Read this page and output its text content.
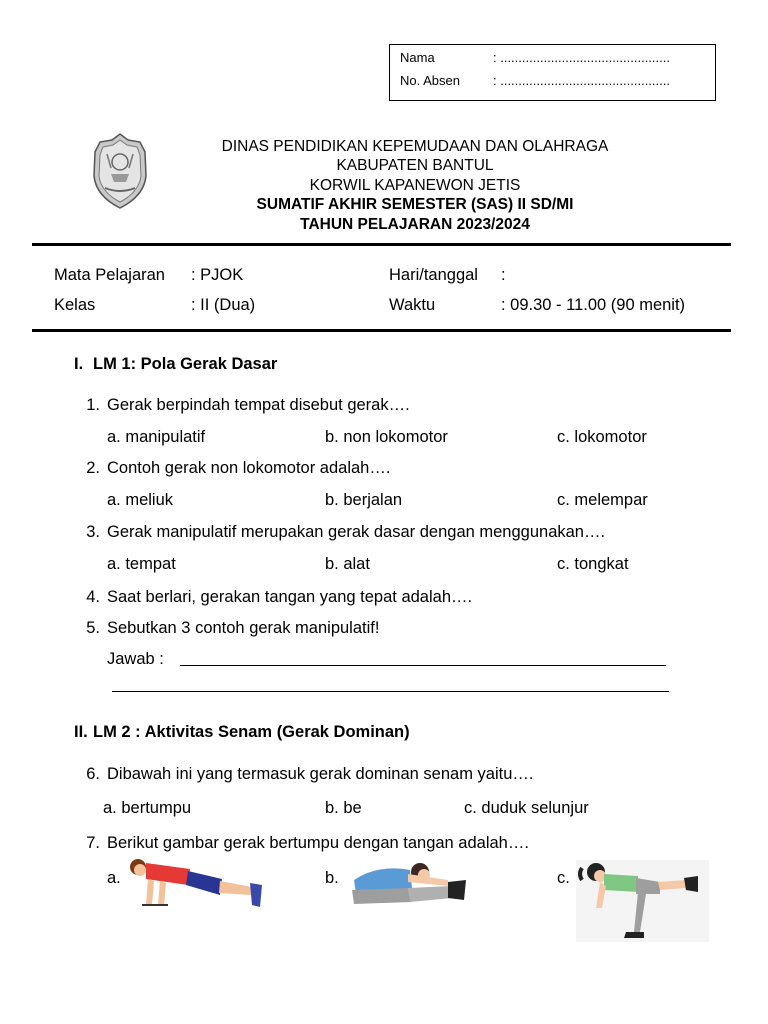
Nama	: ...............................................
No. Absen	: ...............................................
DINAS PENDIDIKAN KEPEMUDAAN DAN OLAHRAGA
KABUPATEN BANTUL
KORWIL KAPANEWON JETIS
SUMATIF AKHIR SEMESTER (SAS) II SD/MI
TAHUN PELAJARAN 2023/2024
Mata Pelajaran : PJOK	Hari/tanggal :
Kelas	: II (Dua)	Waktu	: 09.30 - 11.00 (90 menit)
I. LM 1: Pola Gerak Dasar
1. Gerak berpindah tempat disebut gerak….
a. manipulatif	b. non lokomotor	c. lokomotor
2. Contoh gerak non lokomotor adalah….
a. meliuk	b. berjalan	c. melempar
3. Gerak manipulatif merupakan gerak dasar dengan menggunakan….
a. tempat	b. alat	c. tongkat
4. Saat berlari, gerakan tangan yang tepat adalah….
5. Sebutkan 3 contoh gerak manipulatif!
Jawab :
II. LM 2 : Aktivitas Senam (Gerak Dominan)
6. Dibawah ini yang termasuk gerak dominan senam yaitu….
a. bertumpu	b. be	c. duduk selunjur
7. Berikut gambar gerak bertumpu dengan tangan adalah….
a.	b.	c.
